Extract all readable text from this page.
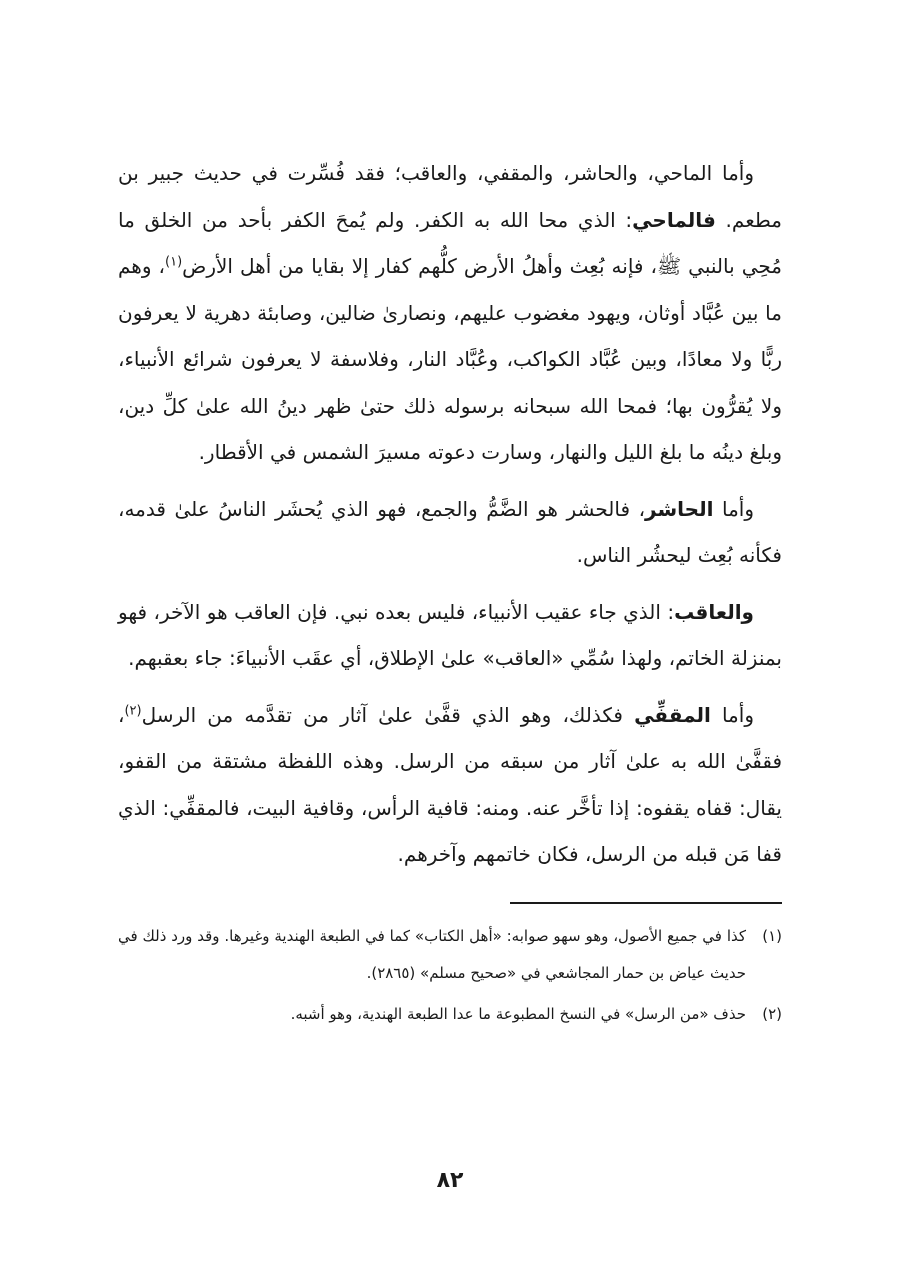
وأما الماحي، والحاشر، والمقفي، والعاقب؛ فقد فُسِّرت في حديث جبير بن مطعم. فالماحي: الذي محا الله به الكفر. ولم يُمحَ الكفر بأحد من الخلق ما مُحِي بالنبي ﷺ، فإنه بُعِث وأهلُ الأرض كلُّهم كفار إلا بقايا من أهل الأرض$^{(١)}$، وهم ما بين عُبَّاد أوثان، ويهود مغضوب عليهم، ونصارىٰ ضالين، وصابئة دهرية لا يعرفون ربًّا ولا معادًا، وبين عُبَّاد الكواكب، وعُبَّاد النار، وفلاسفة لا يعرفون شرائع الأنبياء، ولا يُقرُّون بها؛ فمحا الله سبحانه برسوله ذلك حتىٰ ظهر دينُ الله علىٰ كلِّ دين، وبلغ دينُه ما بلغ الليل والنهار، وسارت دعوته مسيرَ الشمس في الأقطار.

وأما الحاشر، فالحشر هو الضَّمُّ والجمع، فهو الذي يُحشَر الناسُ علىٰ قدمه، فكأنه بُعِث ليحشُر الناس.

والعاقب: الذي جاء عقيب الأنبياء، فليس بعده نبي. فإن العاقب هو الآخر، فهو بمنزلة الخاتم، ولهذا سُمِّي «العاقب» علىٰ الإطلاق، أي عقَب الأنبياءَ: جاء بعقبهم.

وأما المقفِّي فكذلك، وهو الذي قفَّىٰ علىٰ آثار من تقدَّمه من الرسل$^{(٢)}$، فقفَّىٰ الله به علىٰ آثار من سبقه من الرسل. وهذه اللفظة مشتقة من القفو، يقال: قفاه يقفوه: إذا تأخَّر عنه. ومنه: قافية الرأس، وقافية البيت، فالمقفِّي: الذي قفا مَن قبله من الرسل، فكان خاتمهم وآخرهم.

(١)
كذا في جميع الأصول، وهو سهو صوابه: «أهل الكتاب» كما في الطبعة الهندية وغيرها. وقد ورد ذلك في حديث عياض بن حمار المجاشعي في «صحيح مسلم» (٢٨٦٥).

(٢)
حذف «من الرسل» في النسخ المطبوعة ما عدا الطبعة الهندية، وهو أشبه.

٨٢
